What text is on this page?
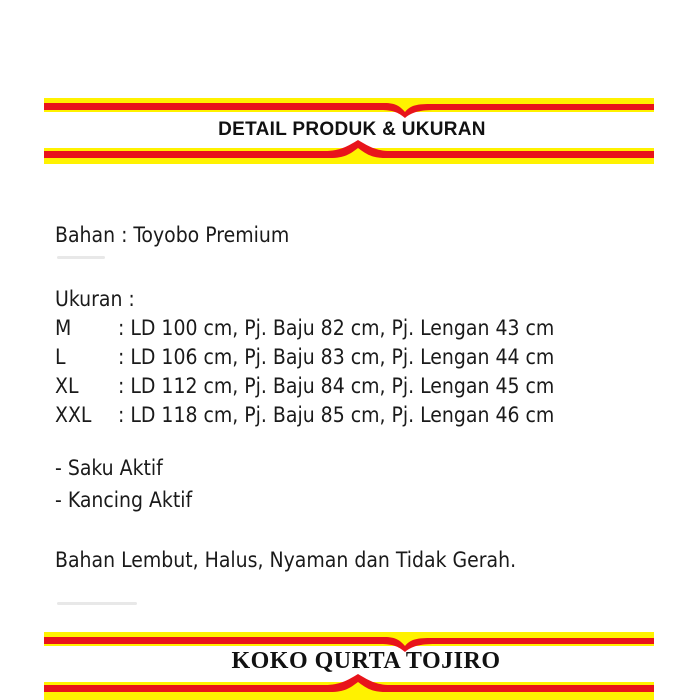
DETAIL PRODUK & UKURAN
Bahan : Toyobo Premium
Ukuran :
M	: LD 100 cm, Pj. Baju 82 cm, Pj. Lengan 43 cm
L	: LD 106 cm, Pj. Baju 83 cm, Pj. Lengan 44 cm
XL	: LD 112 cm, Pj. Baju 84 cm, Pj. Lengan 45 cm
XXL	: LD 118 cm, Pj. Baju 85 cm, Pj. Lengan 46 cm
- Saku Aktif
- Kancing Aktif
Bahan Lembut, Halus, Nyaman dan Tidak Gerah.
KOKO QURTA TOJIRO
